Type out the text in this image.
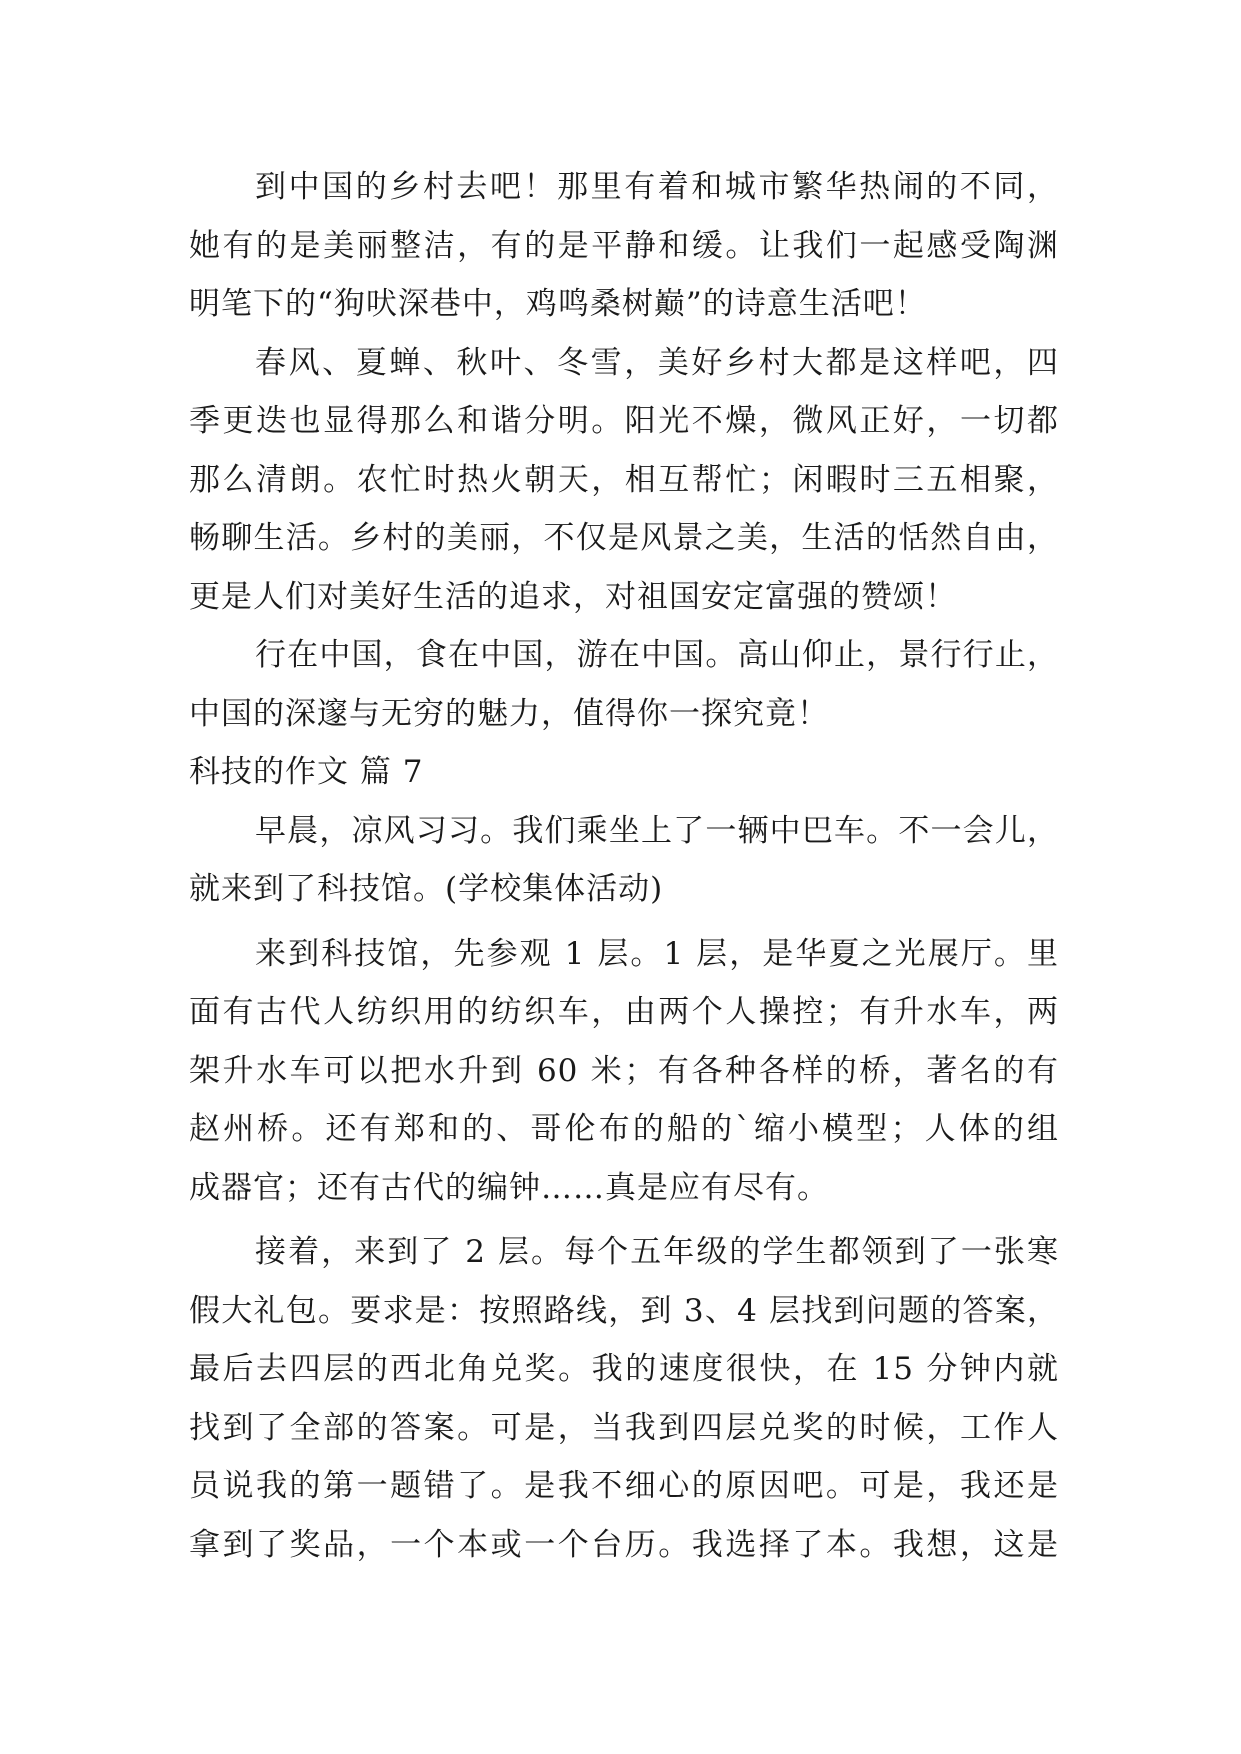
到中国的乡村去吧！那里有着和城市繁华热闹的不同，
她有的是美丽整洁，有的是平静和缓。让我们一起感受陶渊
明笔下的“狗吠深巷中，鸡鸣桑树巅”的诗意生活吧！
春风、夏蝉、秋叶、冬雪，美好乡村大都是这样吧，四
季更迭也显得那么和谐分明。阳光不燥，微风正好，一切都
那么清朗。农忙时热火朝天，相互帮忙；闲暇时三五相聚，
畅聊生活。乡村的美丽，不仅是风景之美，生活的恬然自由，
更是人们对美好生活的追求，对祖国安定富强的赞颂！
行在中国，食在中国，游在中国。高山仰止，景行行止，
中国的深邃与无穷的魅力，值得你一探究竟！
科技的作文 篇 7
早晨，凉风习习。我们乘坐上了一辆中巴车。不一会儿，
就来到了科技馆。(学校集体活动)
来到科技馆，先参观 1 层。1 层，是华夏之光展厅。里
面有古代人纺织用的纺织车，由两个人操控；有升水车，两
架升水车可以把水升到 60 米；有各种各样的桥，著名的有
赵州桥。还有郑和的、哥伦布的船的`缩小模型；人体的组
成器官；还有古代的编钟……真是应有尽有。
接着，来到了 2 层。每个五年级的学生都领到了一张寒
假大礼包。要求是：按照路线，到 3、4 层找到问题的答案，
最后去四层的西北角兑奖。我的速度很快，在 15 分钟内就
找到了全部的答案。可是，当我到四层兑奖的时候，工作人
员说我的第一题错了。是我不细心的原因吧。可是，我还是
拿到了奖品，一个本或一个台历。我选择了本。我想，这是
